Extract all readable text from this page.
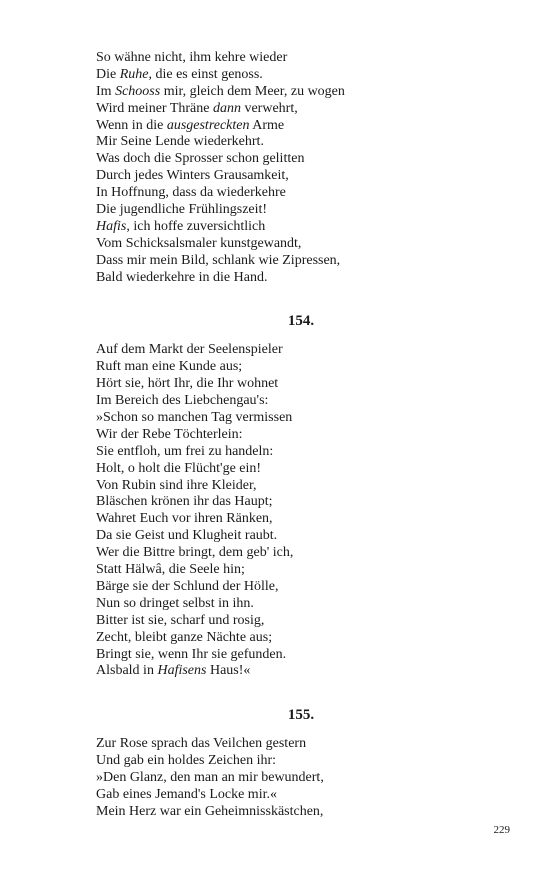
So wähne nicht, ihm kehre wieder
Die Ruhe, die es einst genoss.
Im Schooss mir, gleich dem Meer, zu wogen
Wird meiner Thräne dann verwehrt,
Wenn in die ausgestreckten Arme
Mir Seine Lende wiederkehrt.
Was doch die Sprosser schon gelitten
Durch jedes Winters Grausamkeit,
In Hoffnung, dass da wiederkehre
Die jugendliche Frühlingszeit!
Hafis, ich hoffe zuversichtlich
Vom Schicksalsmaler kunstgewandt,
Dass mir mein Bild, schlank wie Zipressen,
Bald wiederkehre in die Hand.
154.
Auf dem Markt der Seelenspieler
Ruft man eine Kunde aus;
Hört sie, hört Ihr, die Ihr wohnet
Im Bereich des Liebchengau's:
»Schon so manchen Tag vermissen
Wir der Rebe Töchterlein:
Sie entfloh, um frei zu handeln:
Holt, o holt die Flücht'ge ein!
Von Rubin sind ihre Kleider,
Bläschen krönen ihr das Haupt;
Wahret Euch vor ihren Ränken,
Da sie Geist und Klugheit raubt.
Wer die Bittre bringt, dem geb' ich,
Statt Hälwâ, die Seele hin;
Bärge sie der Schlund der Hölle,
Nun so dringet selbst in ihn.
Bitter ist sie, scharf und rosig,
Zecht, bleibt ganze Nächte aus;
Bringt sie, wenn Ihr sie gefunden.
Alsbald in Hafisens Haus!«
155.
Zur Rose sprach das Veilchen gestern
Und gab ein holdes Zeichen ihr:
»Den Glanz, den man an mir bewundert,
Gab eines Jemand's Locke mir.«
Mein Herz war ein Geheimnisskästchen,
229
